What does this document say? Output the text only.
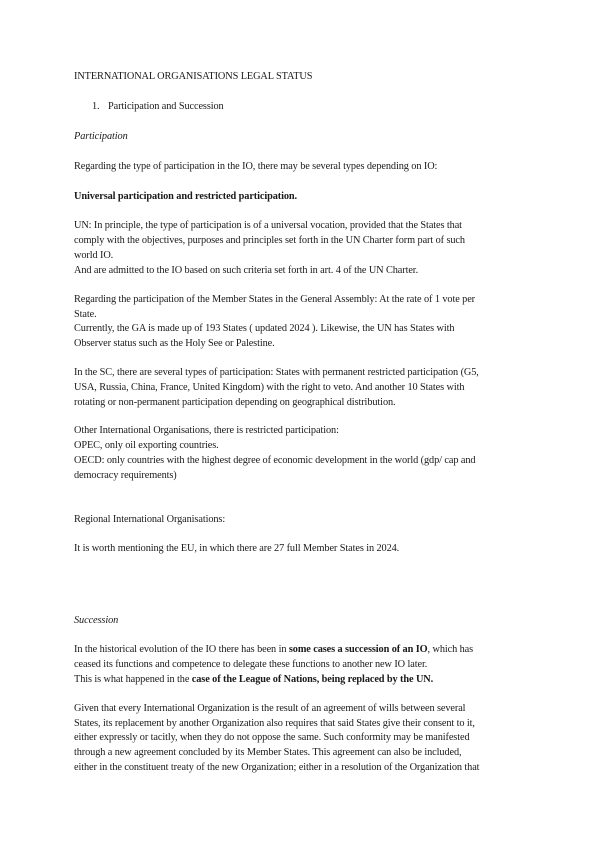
INTERNATIONAL ORGANISATIONS LEGAL STATUS
1. Participation and Succession
Participation
Regarding the type of participation in the IO, there may be several types depending on IO:
Universal participation and restricted participation.
UN: In principle, the type of participation is of a universal vocation, provided that the States that
comply with the objectives, purposes and principles set forth in the UN Charter form part of such
world IO.
And are admitted to the IO based on such criteria set forth in art. 4 of the UN Charter.
Regarding the participation of the Member States in the General Assembly: At the rate of 1 vote per
State.
Currently, the GA is made up of 193 States ( updated 2024 ). Likewise, the UN has States with
Observer status such as the Holy See or Palestine.
In the SC, there are several types of participation: States with permanent restricted participation (G5,
USA, Russia, China, France, United Kingdom) with the right to veto. And another 10 States with
rotating or non-permanent participation depending on geographical distribution.
Other International Organisations, there is restricted participation:
OPEC, only oil exporting countries.
OECD: only countries with the highest degree of economic development in the world (gdp/ cap and
democracy requirements)
Regional International Organisations:
It is worth mentioning the EU, in which there are 27 full Member States in 2024.
Succession
In the historical evolution of the IO there has been in some cases a succession of an IO, which has
ceased its functions and competence to delegate these functions to another new IO later.
This is what happened in the case of the League of Nations, being replaced by the UN.
Given that every International Organization is the result of an agreement of wills between several
States, its replacement by another Organization also requires that said States give their consent to it,
either expressly or tacitly, when they do not oppose the same. Such conformity may be manifested
through a new agreement concluded by its Member States. This agreement can also be included,
either in the constituent treaty of the new Organization; either in a resolution of the Organization that
